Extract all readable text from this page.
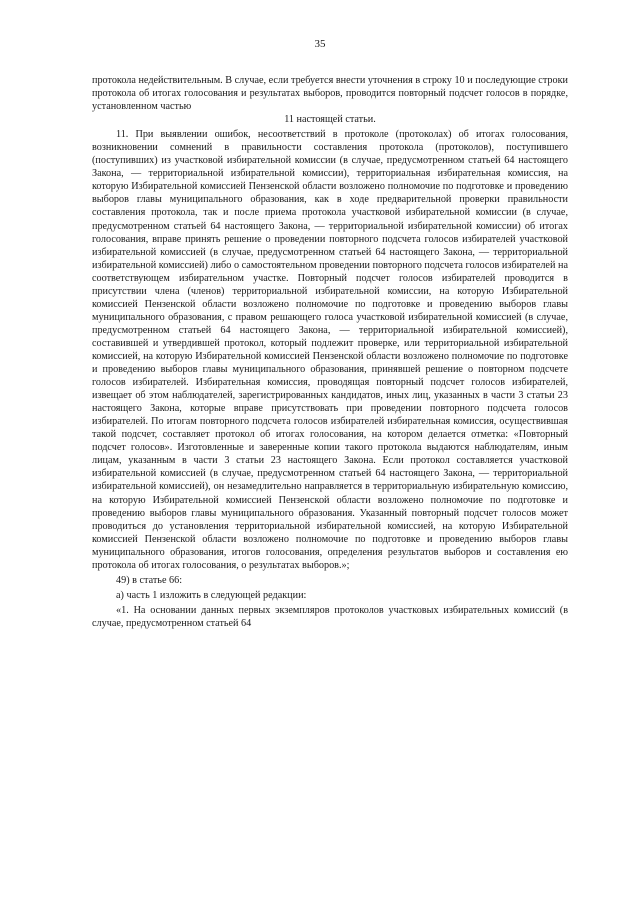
35

протокола недействительным. В случае, если требуется внести уточнения в строку 10 и последующие строки протокола об итогах голосования и результатах выборов, проводится повторный подсчет голосов в порядке, установленном частью

11 настоящей статьи.

11. При выявлении ошибок, несоответствий в протоколе (протоколах) об итогах голосования, возникновении сомнений в правильности составления протокола (протоколов), поступившего (поступивших) из участковой избирательной комиссии (в случае, предусмотренном статьей 64 настоящего Закона, — территориальной избирательной комиссии), территориальная избирательная комиссия, на которую Избирательной комиссией Пензенской области возложено полномочие по подготовке и проведению выборов главы муниципального образования, как в ходе предварительной проверки правильности составления протокола, так и после приема протокола участковой избирательной комиссии (в случае, предусмотренном статьей 64 настоящего Закона, — территориальной избирательной комиссии) об итогах голосования, вправе принять решение о проведении повторного подсчета голосов избирателей участковой избирательной комиссией (в случае, предусмотренном статьей 64 настоящего Закона, — территориальной избирательной комиссией) либо о самостоятельном проведении повторного подсчета голосов избирателей на соответствующем избирательном участке. Повторный подсчет голосов избирателей проводится в присутствии члена (членов) территориальной избирательной комиссии, на которую Избирательной комиссией Пензенской области возложено полномочие по подготовке и проведению выборов главы муниципального образования, с правом решающего голоса участковой избирательной комиссией (в случае, предусмотренном статьей 64 настоящего Закона, — территориальной избирательной комиссией), составившей и утвердившей протокол, который подлежит проверке, или территориальной избирательной комиссией, на которую Избирательной комиссией Пензенской области возложено полномочие по подготовке и проведению выборов главы муниципального образования, принявшей решение о повторном подсчете голосов избирателей. Избирательная комиссия, проводящая повторный подсчет голосов избирателей, извещает об этом наблюдателей, зарегистрированных кандидатов, иных лиц, указанных в части 3 статьи 23 настоящего Закона, которые вправе присутствовать при проведении повторного подсчета голосов избирателей. По итогам повторного подсчета голосов избирателей избирательная комиссия, осуществившая такой подсчет, составляет протокол об итогах голосования, на котором делается отметка: «Повторный подсчет голосов». Изготовленные и заверенные копии такого протокола выдаются наблюдателям, иным лицам, указанным в части 3 статьи 23 настоящего Закона. Если протокол составляется участковой избирательной комиссией (в случае, предусмотренном статьей 64 настоящего Закона, — территориальной избирательной комиссией), он незамедлительно направляется в территориальную избирательную комиссию, на которую Избирательной комиссией Пензенской области возложено полномочие по подготовке и проведению выборов главы муниципального образования. Указанный повторный подсчет голосов может проводиться до установления территориальной избирательной комиссией, на которую Избирательной комиссией Пензенской области возложено полномочие по подготовке и проведению выборов главы муниципального образования, итогов голосования, определения результатов выборов и составления ею протокола об итогах голосования, о результатах выборов.»;

49) в статье 66:

а) часть 1 изложить в следующей редакции:

«1. На основании данных первых экземпляров протоколов участковых избирательных комиссий (в случае, предусмотренном статьей 64
